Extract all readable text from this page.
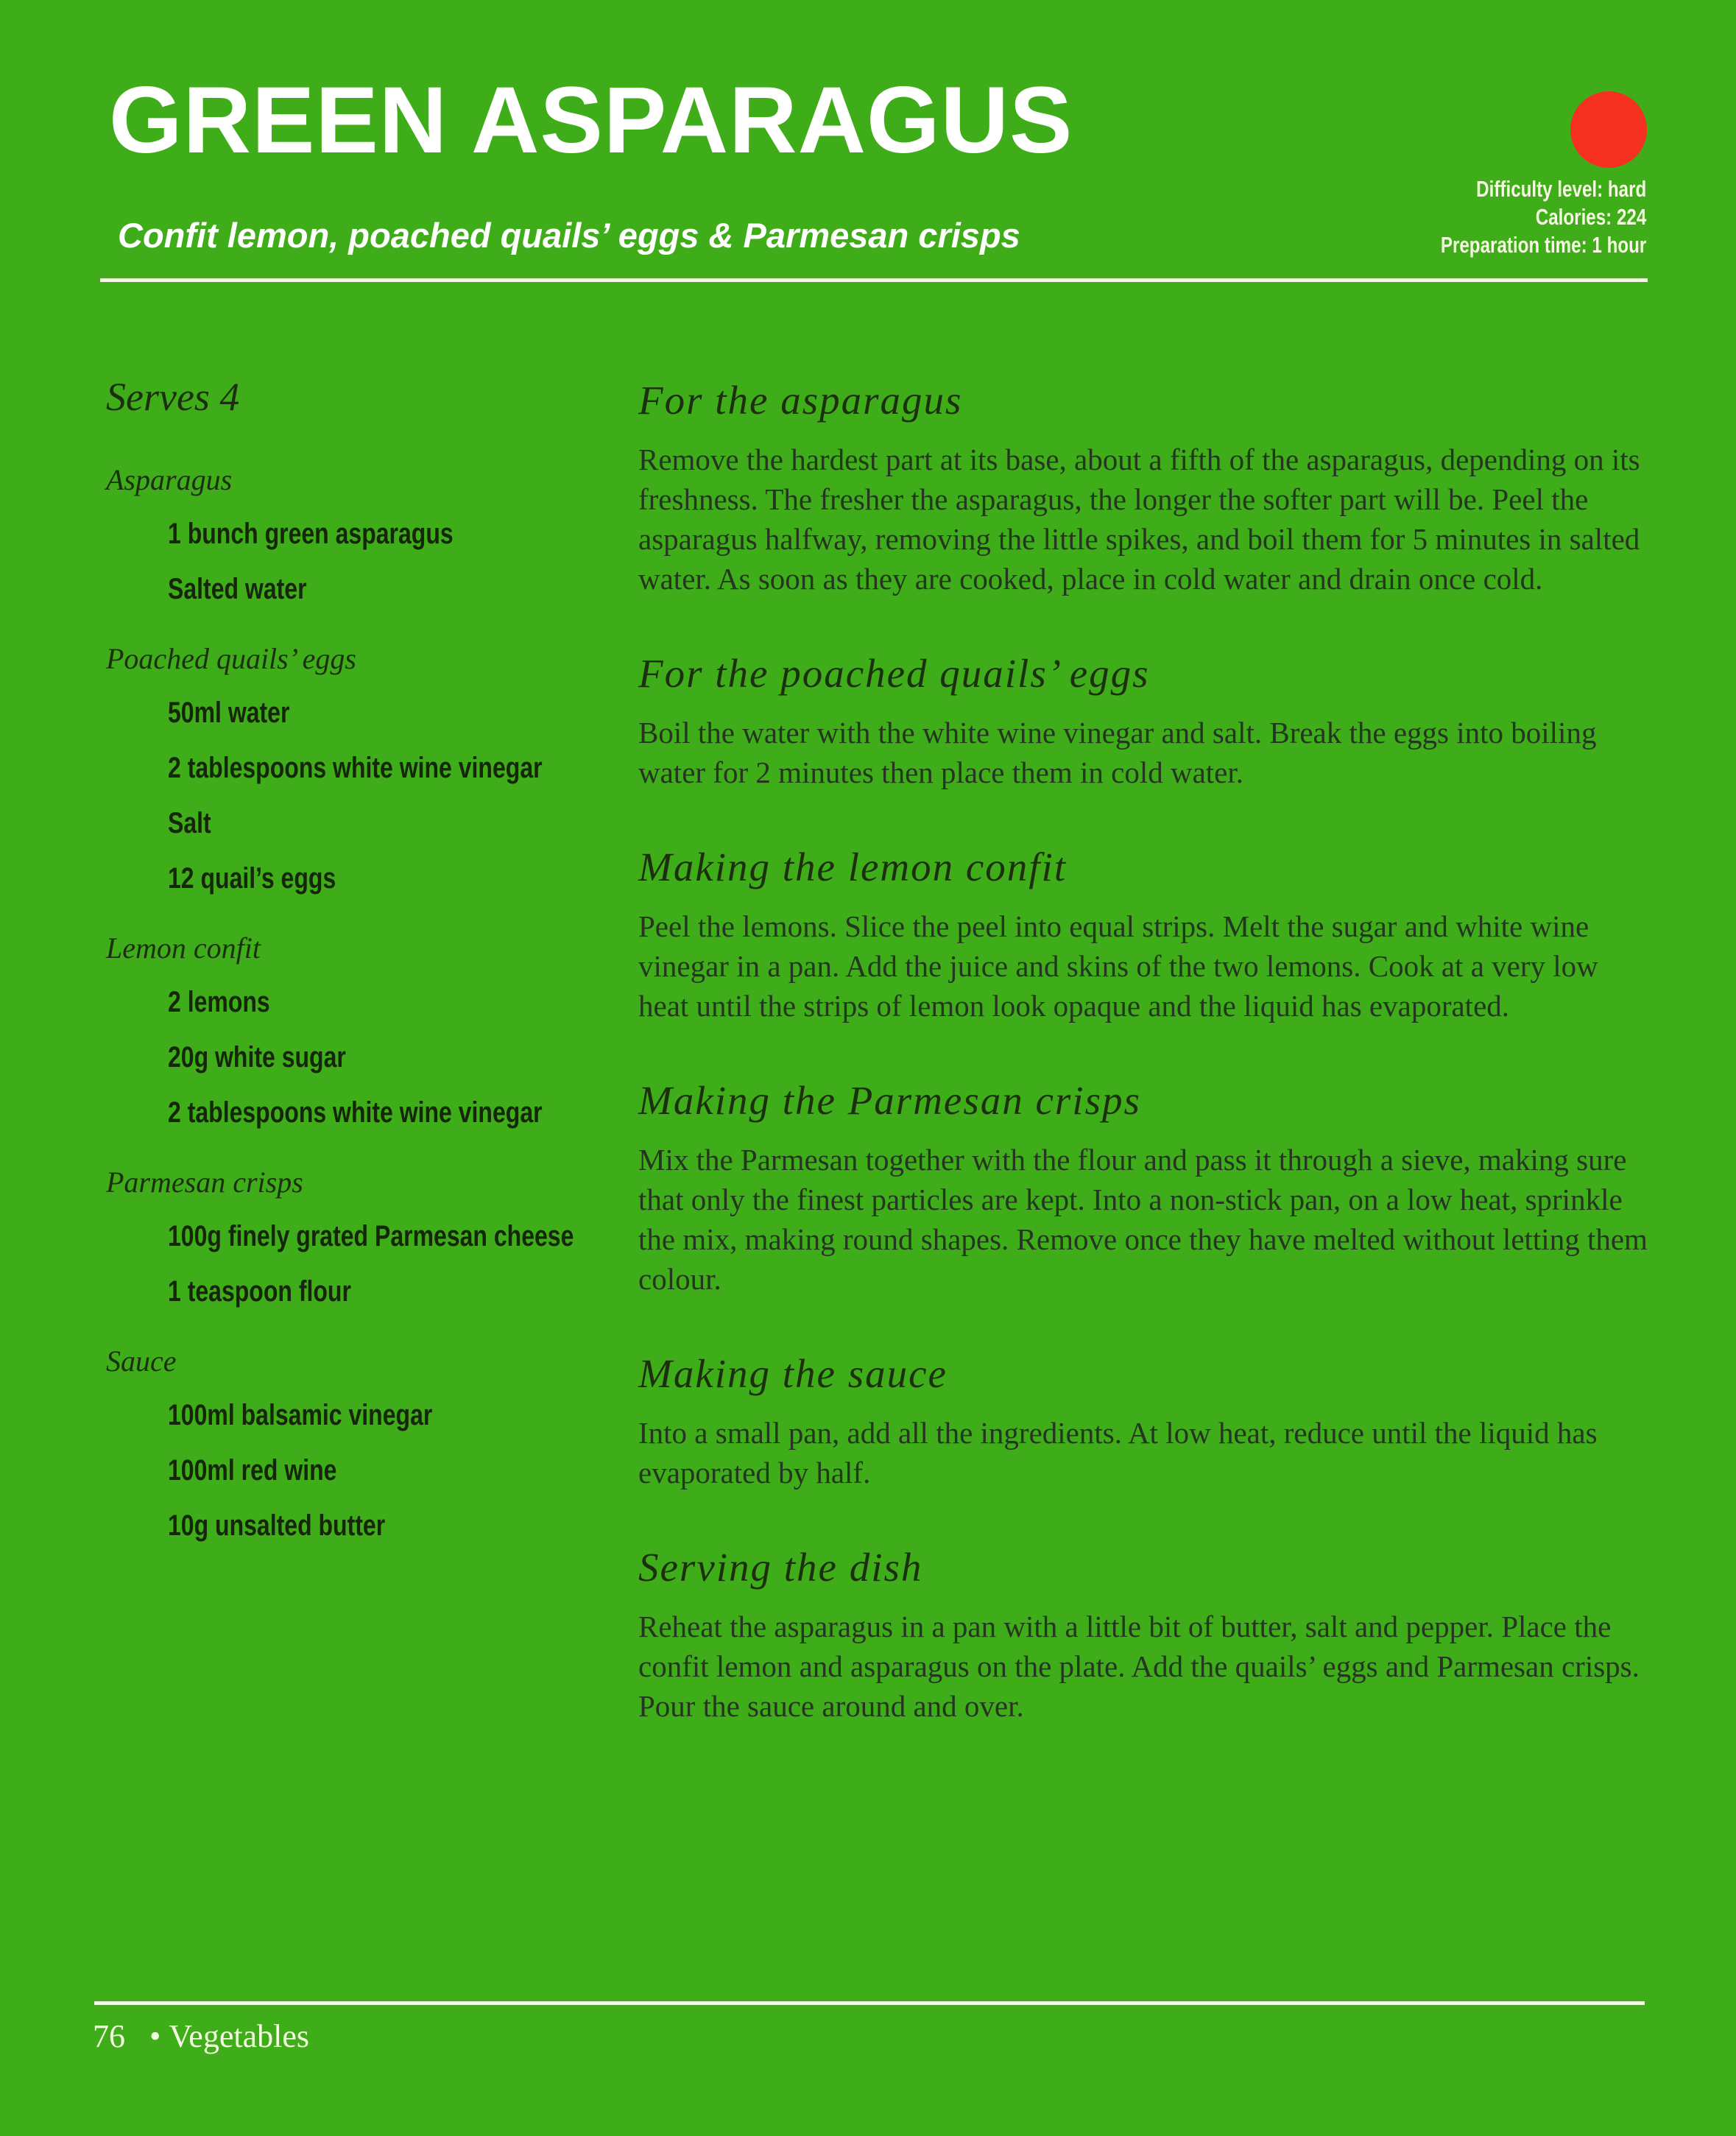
GREEN ASPARAGUS
Confit lemon, poached quails’ eggs & Parmesan crisps
Difficulty level: hard
Calories: 224
Preparation time: 1 hour
Serves 4
Asparagus
1 bunch green asparagus
Salted water
Poached quails’ eggs
50ml water
2 tablespoons white wine vinegar
Salt
12 quail’s eggs
Lemon confit
2 lemons
20g white sugar
2 tablespoons white wine vinegar
Parmesan crisps
100g finely grated Parmesan cheese
1 teaspoon flour
Sauce
100ml balsamic vinegar
100ml red wine
10g unsalted butter
For the asparagus

Remove the hardest part at its base, about a fifth of the asparagus, depending on its freshness. The fresher the asparagus, the longer the softer part will be. Peel the asparagus halfway, removing the little spikes, and boil them for 5 minutes in salted water. As soon as they are cooked, place in cold water and drain once cold.

For the poached quails’ eggs

Boil the water with the white wine vinegar and salt. Break the eggs into boiling water for 2 minutes then place them in cold water.

Making the lemon confit

Peel the lemons. Slice the peel into equal strips. Melt the sugar and white wine vinegar in a pan. Add the juice and skins of the two lemons. Cook at a very low heat until the strips of lemon look opaque and the liquid has evaporated.

Making the Parmesan crisps

Mix the Parmesan together with the flour and pass it through a sieve, making sure that only the finest particles are kept. Into a non-stick pan, on a low heat, sprinkle the mix, making round shapes. Remove once they have melted without letting them colour.

Making the sauce

Into a small pan, add all the ingredients. At low heat, reduce until the liquid has evaporated by half.

Serving the dish

Reheat the asparagus in a pan with a little bit of butter, salt and pepper. Place the confit lemon and asparagus on the plate. Add the quails’ eggs and Parmesan crisps. Pour the sauce around and over.

76 • Vegetables
